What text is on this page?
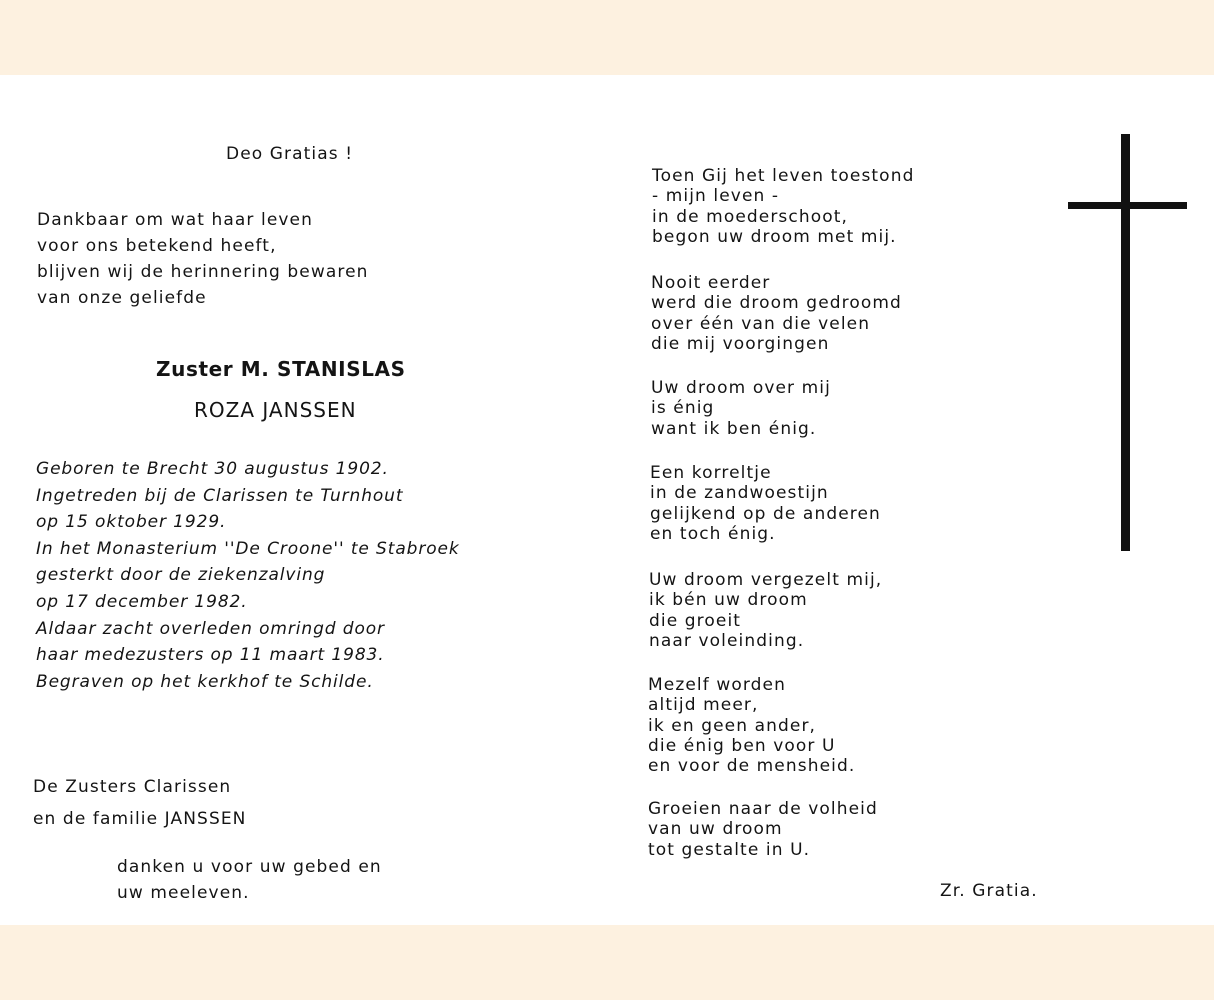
Deo Gratias !
Dankbaar om wat haar leven
voor ons betekend heeft,
blijven wij de herinnering bewaren
van onze geliefde
Zuster M. STANISLAS
ROZA JANSSEN
Geboren te Brecht 30 augustus 1902.
Ingetreden bij de Clarissen te Turnhout
op 15 oktober 1929.
In het Monasterium ''De Croone'' te Stabroek
gesterkt door de ziekenzalving
op 17 december 1982.
Aldaar zacht overleden omringd door
haar medezusters op 11 maart 1983.
Begraven op het kerkhof te Schilde.
De Zusters Clarissen
en de familie JANSSEN
danken u voor uw gebed en
uw meeleven.
Toen Gij het leven toestond
- mijn leven -
in de moederschoot,
begon uw droom met mij.
Nooit eerder
werd die droom gedroomd
over één van die velen
die mij voorgingen
Uw droom over mij
is énig
want ik ben énig.
Een korreltje
in de zandwoestijn
gelijkend op de anderen
en toch énig.
Uw droom vergezelt mij,
ik bén uw droom
die groeit
naar voleinding.
Mezelf worden
altijd meer,
ik en geen ander,
die énig ben voor U
en voor de mensheid.
Groeien naar de volheid
van uw droom
tot gestalte in U.
Zr. Gratia.
